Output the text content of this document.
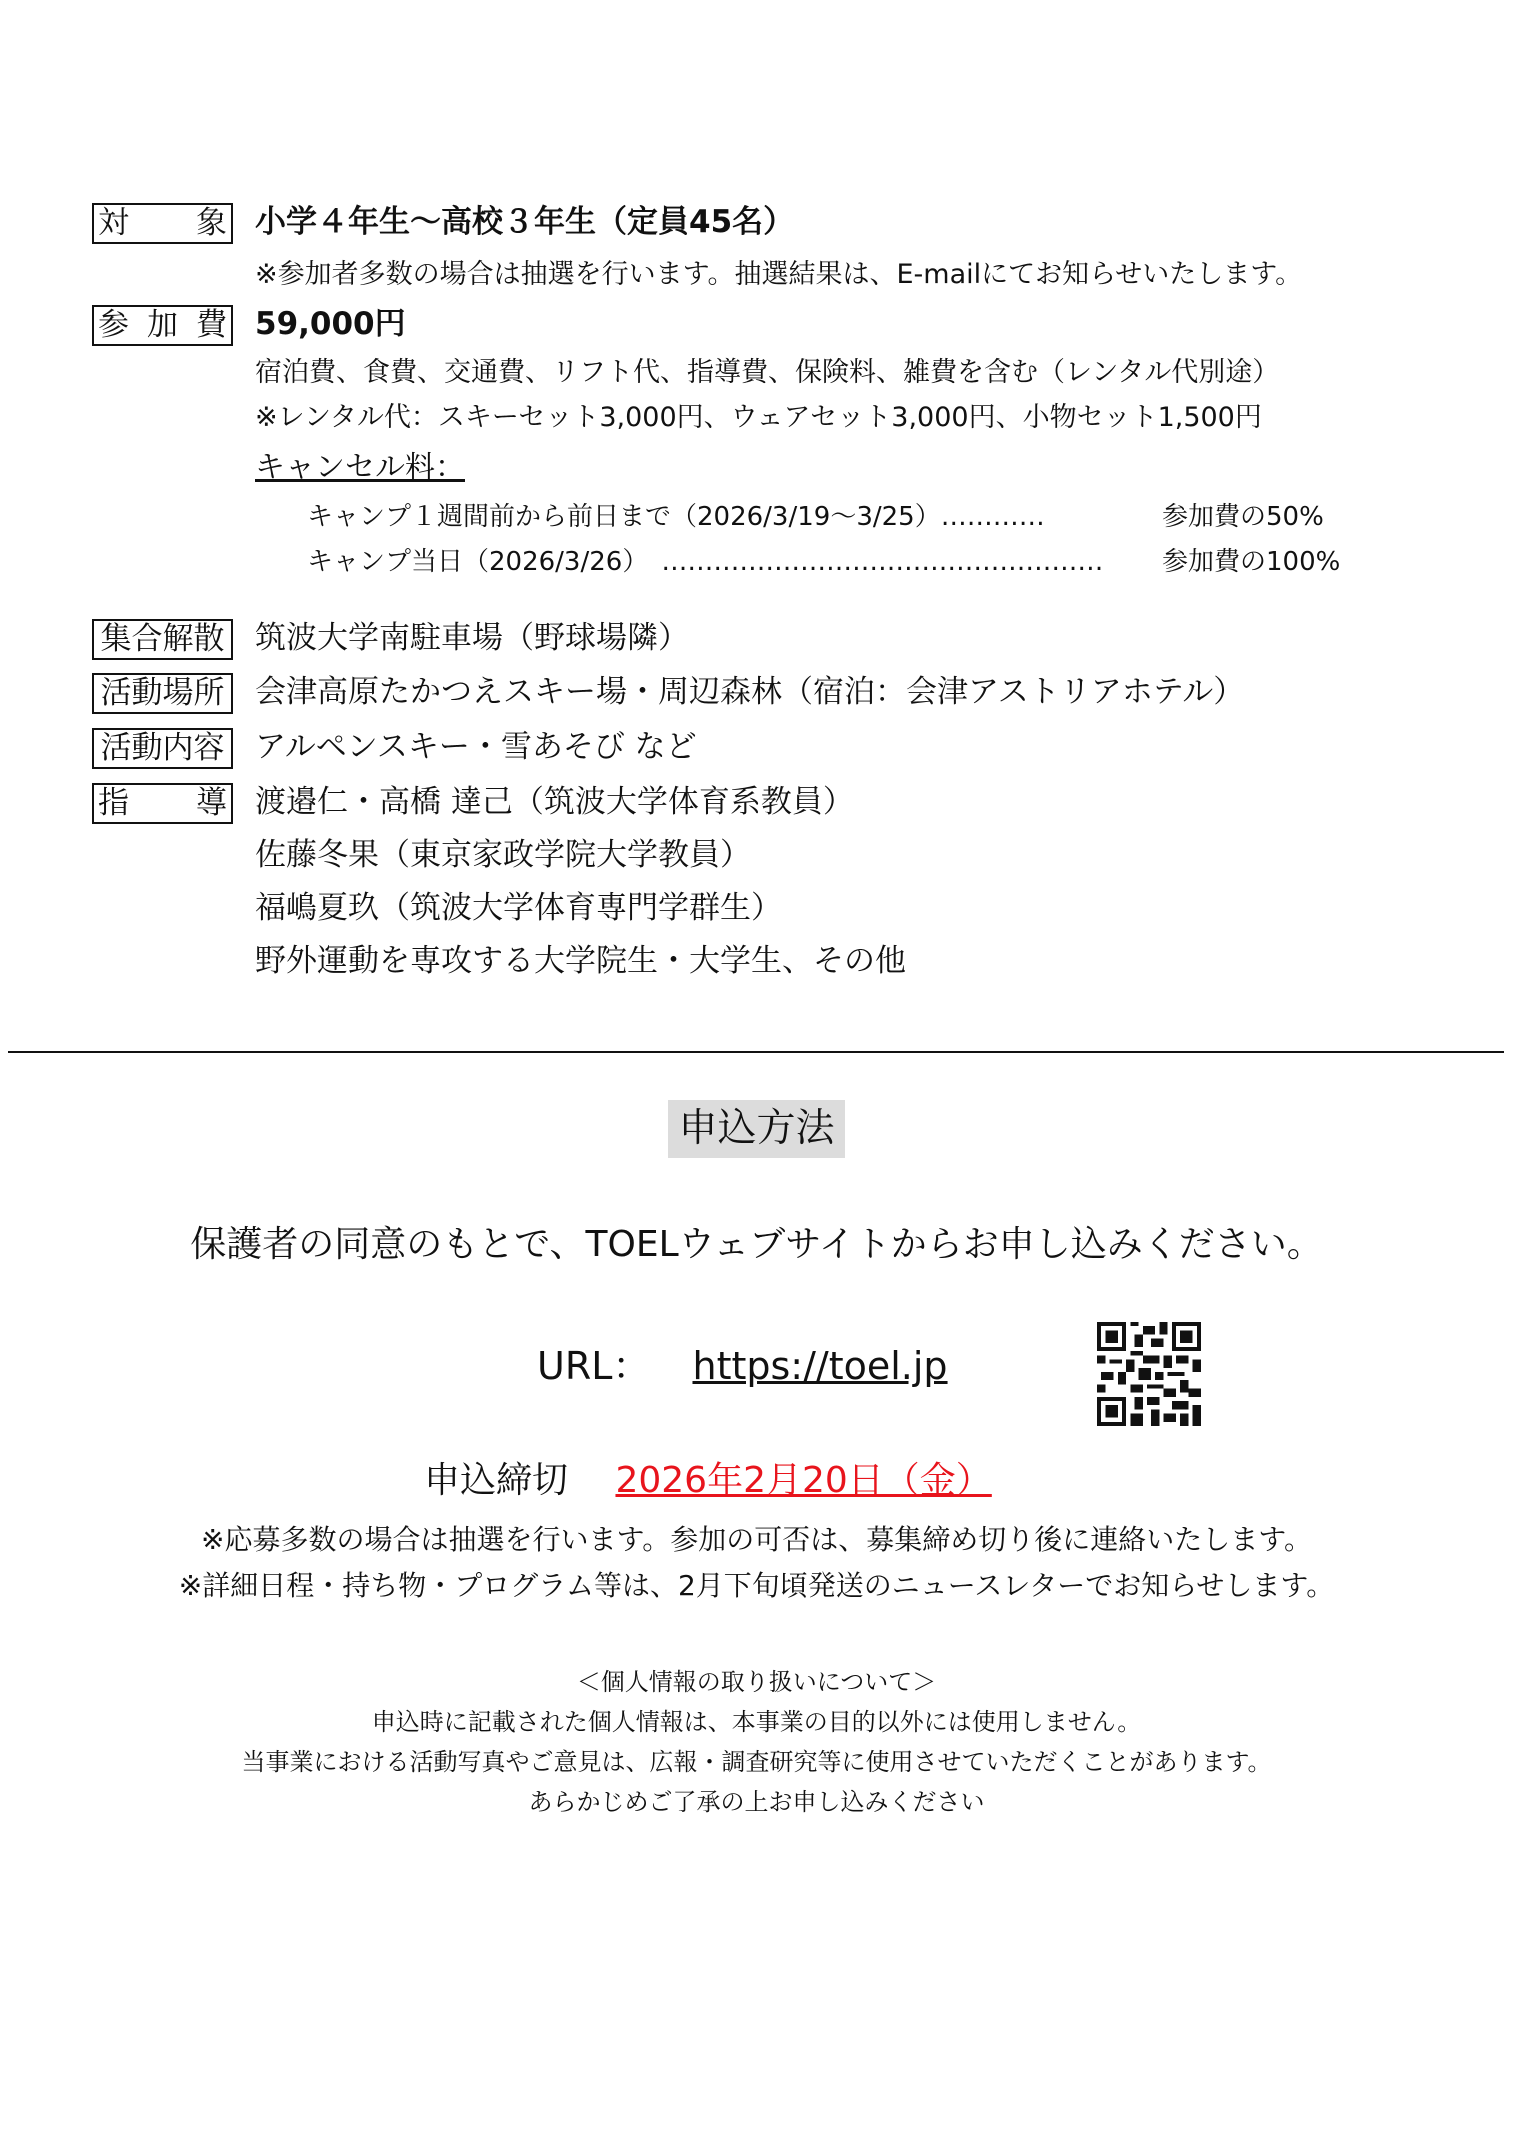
対 象 小学４年生～高校３年生（定員45名）
※参加者多数の場合は抽選を行います。抽選結果は、E-mailにてお知らせいたします。
参 加 費 59,000円
宿泊費、食費、交通費、リフト代、指導費、保険料、雑費を含む（レンタル代別途）
※レンタル代：スキーセット3,000円、ウェアセット3,000円、小物セット1,500円
キャンセル料：
キャンプ１週間前から前日まで（2026/3/19～3/25）…………	参加費の50%
キャンプ当日（2026/3/26）　…………………………………………… 参加費の100%
集合解散 筑波大学南駐車場（野球場隣）
活動場所 会津高原たかつえスキー場・周辺森林（宿泊：会津アストリアホテル）
活動内容 アルペンスキー・雪あそび など
指 導 渡邉仁・高橋 達己（筑波大学体育系教員）
佐藤冬果（東京家政学院大学教員）
福嶋夏玖（筑波大学体育専門学群生）
野外運動を専攻する大学院生・大学生、その他
申込方法
保護者の同意のもとで、TOELウェブサイトからお申し込みください。
URL： https://toel.jp
申込締切 2026年2月20日（金）
※応募多数の場合は抽選を行います。参加の可否は、募集締め切り後に連絡いたします。
※詳細日程・持ち物・プログラム等は、2月下旬頃発送のニュースレターでお知らせします。
＜個人情報の取り扱いについて＞
申込時に記載された個人情報は、本事業の目的以外には使用しません。
当事業における活動写真やご意見は、広報・調査研究等に使用させていただくことがあります。
あらかじめご了承の上お申し込みください
